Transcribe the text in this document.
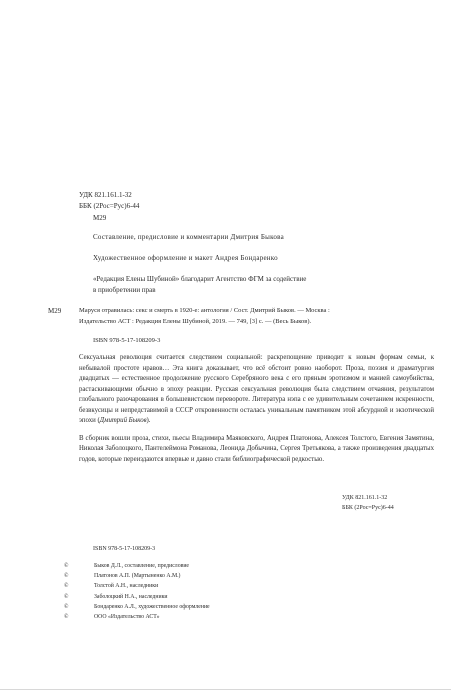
УДК 821.161.1-32
ББК (2Рос=Рус)6-44
М29
Составление, предисловие и комментарии Дмитрия Быкова
Художественное оформление и макет Андрея Бондаренко
«Редакция Елены Шубиной» благодарит Агентство ФГМ за содействие
в приобретении прав
М29	Маруся отравилась: секс и смерть в 1920-е: антология / Сост. Дмитрий Быков. — Москва :
Издательство АСТ : Редакция Елены Шубиной, 2019. — 749, [3] с. — (Весь Быков).
ISBN 978-5-17-108209-3

Сексуальная революция считается следствием социальной: раскрепощение приводит к новым формам семьи, к небывалой простоте нравов… Эта книга доказывает, что всё обстоит ровно наоборот. Проза, поэзия и драматургия двадцатых — естественное продолжение русского Серебряного века с его пряным эротизмом и манией самоубийства, растаскивающими обычно в эпоху реакции. Русская сексуальная революция была следствием отчаяния, результатом глобального разочарования в большевистском перевороте. Литература нэпа с ее удивительным сочетанием искренности, безвкусицы и непредставимой в СССР откровенности осталась уникальным памятником этой абсурдной и экзотической эпохи (Дмитрий Быков).

В сборник вошли проза, стихи, пьесы Владимира Маяковского, Андрея Платонова, Алексея Толстого, Евгения Замятина, Николая Заболоцкого, Пантелеймона Романова, Леонида Добычина, Сергея Третьякова, а также произведения двадцатых годов, которые переиздаются впервые и давно стали библиографической редкостью.

УДК 821.161.1-32
ББК (2Рос=Рус)6-44
ISBN 978-5-17-108209-3
©	Быков Д.Л., составление, предисловие
©	Платонов А.П. (Мартыненко А.М.)
©	Толстой А.Н., наследники
©	Заболоцкий Н.А., наследники
©	Бондаренко А.Л., художественное оформление
©	ООО «Издательство АСТ»
